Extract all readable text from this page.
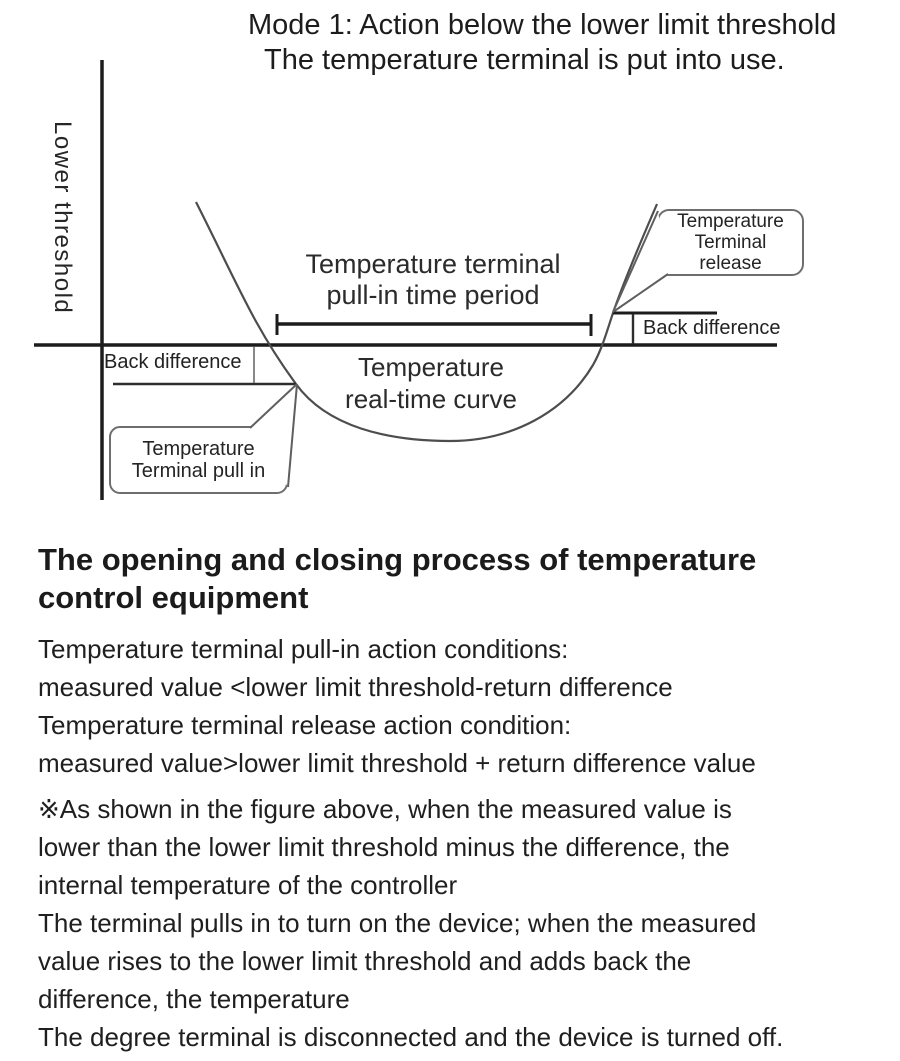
Mode 1: Action below the lower limit threshold
The temperature terminal is put into use.
Lower threshold	Temperature terminal
pull-in time period
Temperature
real-time curve
Back difference
Back difference
Temperature
Terminal pull in
Temperature
Terminal
release
The opening and closing process of temperature
control equipment
Temperature terminal pull-in action conditions:
measured value <lower limit threshold-return difference
Temperature terminal release action condition:
measured value>lower limit threshold + return difference value
※As shown in the figure above, when the measured value is
lower than the lower limit threshold minus the difference, the
internal temperature of the controller
The terminal pulls in to turn on the device; when the measured
value rises to the lower limit threshold and adds back the
difference, the temperature
The degree terminal is disconnected and the device is turned off.
